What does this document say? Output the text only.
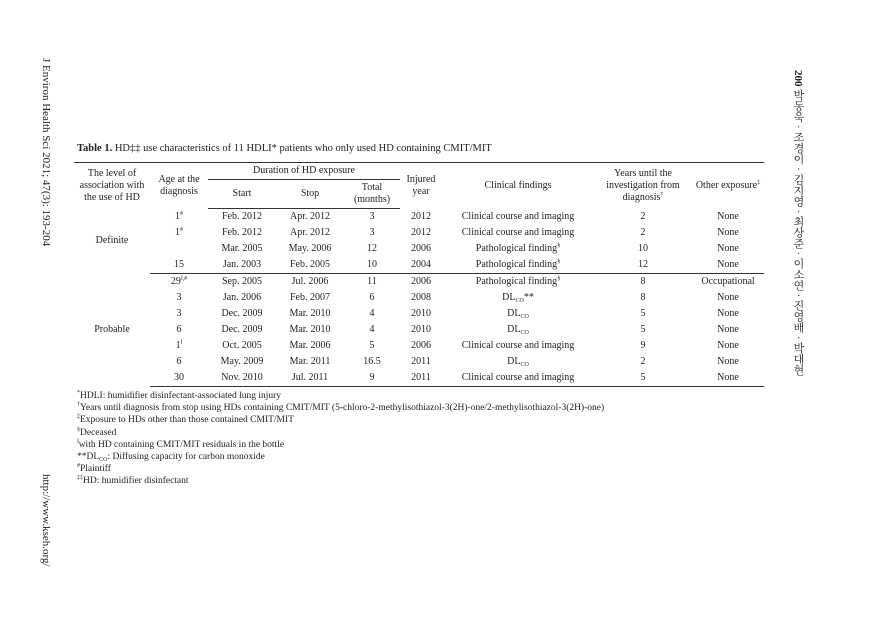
J Environ Health Sci 2021; 47(3): 193-204
http://www.kseh.org/
200 박동욱 · 조경이 · 김지영 · 최상준 · 이소연 · 진영배 · 박대현
Table 1. HD‡‡ use characteristics of 11 HDLI* patients who only used HD containing CMIT/MIT
The level of association with the use of HD	Age at the diagnosis	Duration of HD exposure			Injured year	Clinical findings	Years until the investigation from diagnosis†	Other exposure‡
		Start	Stop	Total (months)				
Definite	1#	Feb. 2012	Apr. 2012	3	2012	Clinical course and imaging	2	None
	1#	Feb. 2012	Apr. 2012	3	2012	Clinical course and imaging	2	None
		Mar. 2005	May. 2006	12	2006	Pathological finding§	10	None
	15	Jan. 2003	Feb. 2005	10	2004	Pathological finding§	12	None
Probable	29‖,#	Sep. 2005	Jul. 2006	11	2006	Pathological finding§	8	Occupational
	3	Jan. 2006	Feb. 2007	6	2008	DLCO**	8	None
	3	Dec. 2009	Mar. 2010	4	2010	DLCO	5	None
	6	Dec. 2009	Mar. 2010	4	2010	DLCO	5	None
	1‖	Oct. 2005	Mar. 2006	5	2006	Clinical course and imaging	9	None
	6	May. 2009	Mar. 2011	16.5	2011	DLCO	2	None
	30	Nov. 2010	Jul. 2011	9	2011	Clinical course and imaging	5	None
*HDLI: humidifier disinfectant-associated lung injury
†Years until diagnosis from stop using HDs containing CMIT/MIT (5-chloro-2-methylisothiazol-3(2H)-one/2-methylisothiazol-3(2H)-one)
‡Exposure to HDs other than those contained CMIT/MIT
§Deceased
‖with HD containing CMIT/MIT residuals in the bottle
**DLCO: Diffusing capacity for carbon monoxide
#Plaintiff
‡‡HD: humidifier disinfectant
